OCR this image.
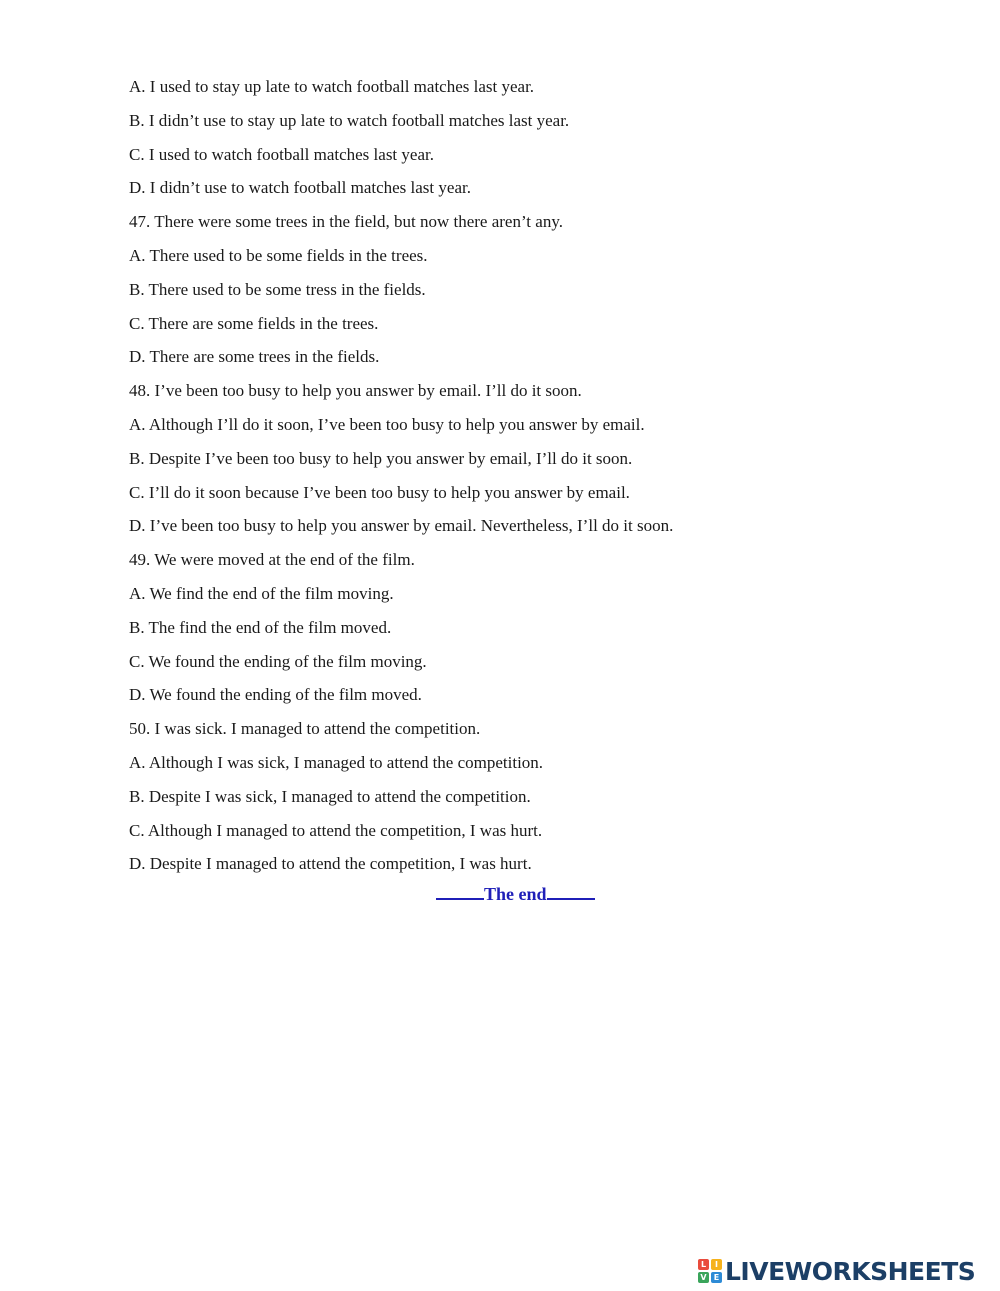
A. I used to stay up late to watch football matches last year.
B. I didn’t use to stay up late to watch football matches last year.
C. I used to watch football matches last year.
D. I didn’t use to watch football matches last year.
47. There were some trees in the field, but now there aren’t any.
A. There used to be some fields in the trees.
B. There used to be some tress in the fields.
C. There are some fields in the trees.
D. There are some trees in the fields.
48. I’ve been too busy to help you answer by email. I’ll do it soon.
A. Although I’ll do it soon, I’ve been too busy to help you answer by email.
B. Despite I’ve been too busy to help you answer by email, I’ll do it soon.
C. I’ll do it soon because I’ve been too busy to help you answer by email.
D. I’ve been too busy to help you answer by email. Nevertheless, I’ll do it soon.
49. We were moved at the end of the film.
A. We find the end of the film moving.
B. The find the end of the film moved.
C. We found the ending of the film moving.
D. We found the ending of the film moved.
50. I was sick. I managed to attend the competition.
A. Although I was sick, I managed to attend the competition.
B. Despite I was sick, I managed to attend the competition.
C. Although I managed to attend the competition, I was hurt.
D. Despite I managed to attend the competition, I was hurt.
The end
L	I
V E LIVEWORKSHEETS
